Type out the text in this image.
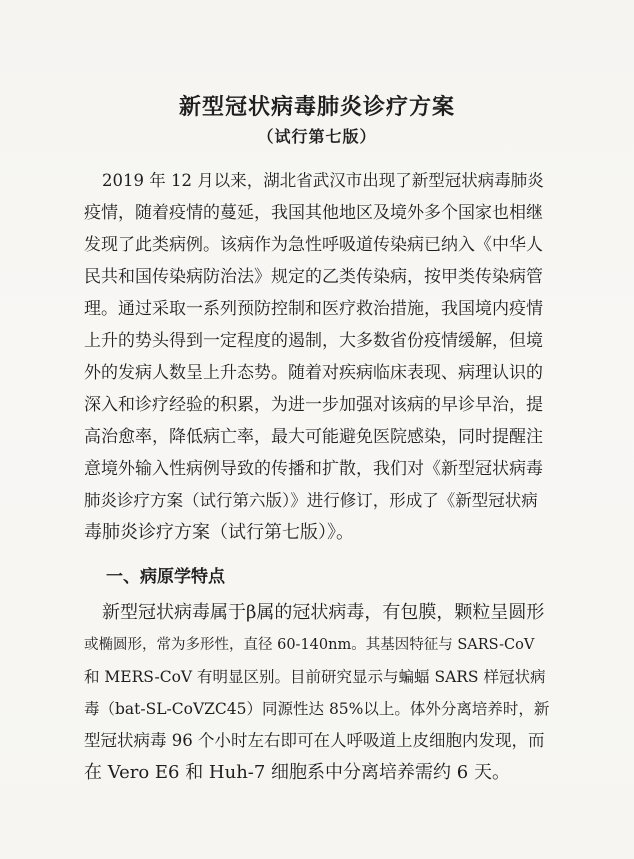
新型冠状病毒肺炎诊疗方案
（试行第七版）
2019 年 12 月以来，湖北省武汉市出现了新型冠状病毒肺炎
疫情，随着疫情的蔓延，我国其他地区及境外多个国家也相继
发现了此类病例。该病作为急性呼吸道传染病已纳入《中华人
民共和国传染病防治法》规定的乙类传染病，按甲类传染病管
理。通过采取一系列预防控制和医疗救治措施，我国境内疫情
上升的势头得到一定程度的遏制，大多数省份疫情缓解，但境
外的发病人数呈上升态势。随着对疾病临床表现、病理认识的
深入和诊疗经验的积累，为进一步加强对该病的早诊早治，提
高治愈率，降低病亡率，最大可能避免医院感染，同时提醒注
意境外输入性病例导致的传播和扩散，我们对《新型冠状病毒
肺炎诊疗方案（试行第六版）》进行修订，形成了《新型冠状病
毒肺炎诊疗方案（试行第七版）》。
一、病原学特点
新型冠状病毒属于β属的冠状病毒，有包膜，颗粒呈圆形
或椭圆形，常为多形性，直径 60-140nm。其基因特征与 SARS-CoV
和 MERS-CoV 有明显区别。目前研究显示与蝙蝠 SARS 样冠状病
毒（bat-SL-CoVZC45）同源性达 85%以上。体外分离培养时，新
型冠状病毒 96 个小时左右即可在人呼吸道上皮细胞内发现，而
在 Vero E6 和 Huh-7 细胞系中分离培养需约 6 天。
